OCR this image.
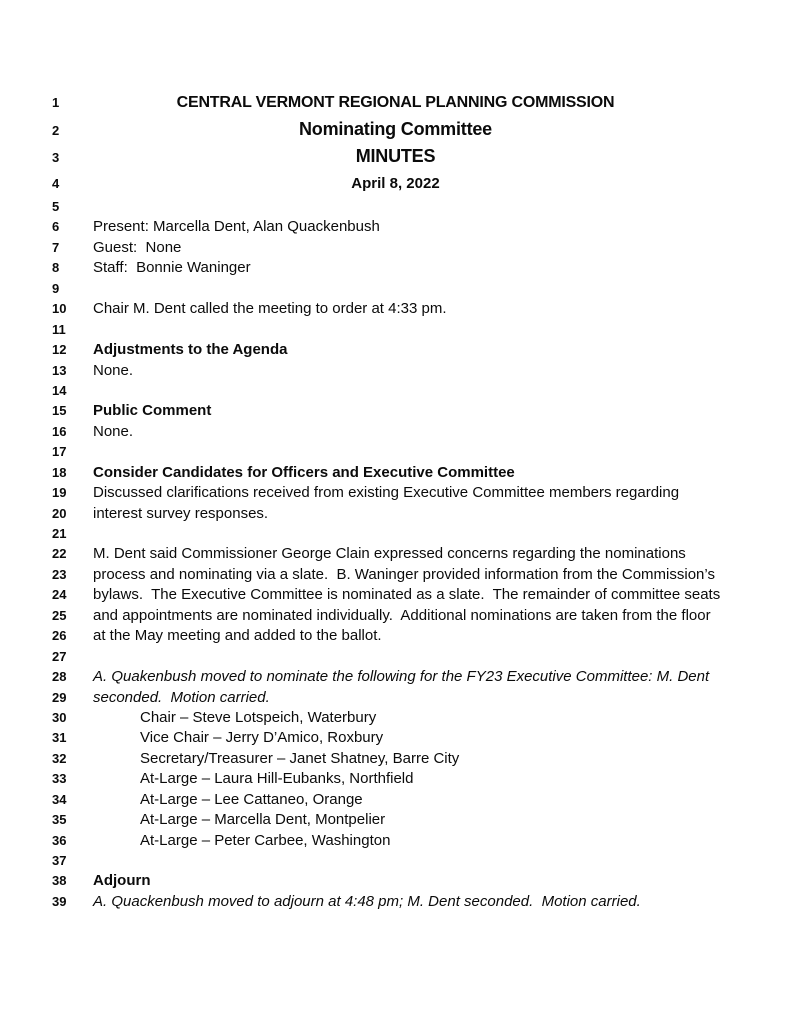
1	CENTRAL VERMONT REGIONAL PLANNING COMMISSION
2	Nominating Committee
3	MINUTES
4	April 8, 2022
5
6	Present: Marcella Dent, Alan Quackenbush
7	Guest:  None
8	Staff:  Bonnie Waninger
9
10	Chair M. Dent called the meeting to order at 4:33 pm.
11
12	Adjustments to the Agenda
13	None.
14
15	Public Comment
16	None.
17
18	Consider Candidates for Officers and Executive Committee
19	Discussed clarifications received from existing Executive Committee members regarding
20	interest survey responses.
21
22	M. Dent said Commissioner George Clain expressed concerns regarding the nominations
23	process and nominating via a slate.  B. Waninger provided information from the Commission’s
24	bylaws.  The Executive Committee is nominated as a slate.  The remainder of committee seats
25	and appointments are nominated individually.  Additional nominations are taken from the floor
26	at the May meeting and added to the ballot.
27
28	A. Quakenbush moved to nominate the following for the FY23 Executive Committee: M. Dent
29	seconded.  Motion carried.
30	Chair – Steve Lotspeich, Waterbury
31	Vice Chair – Jerry D’Amico, Roxbury
32	Secretary/Treasurer – Janet Shatney, Barre City
33	At-Large – Laura Hill-Eubanks, Northfield
34	At-Large – Lee Cattaneo, Orange
35	At-Large – Marcella Dent, Montpelier
36	At-Large – Peter Carbee, Washington
37
38	Adjourn
39	A. Quackenbush moved to adjourn at 4:48 pm; M. Dent seconded.  Motion carried.
